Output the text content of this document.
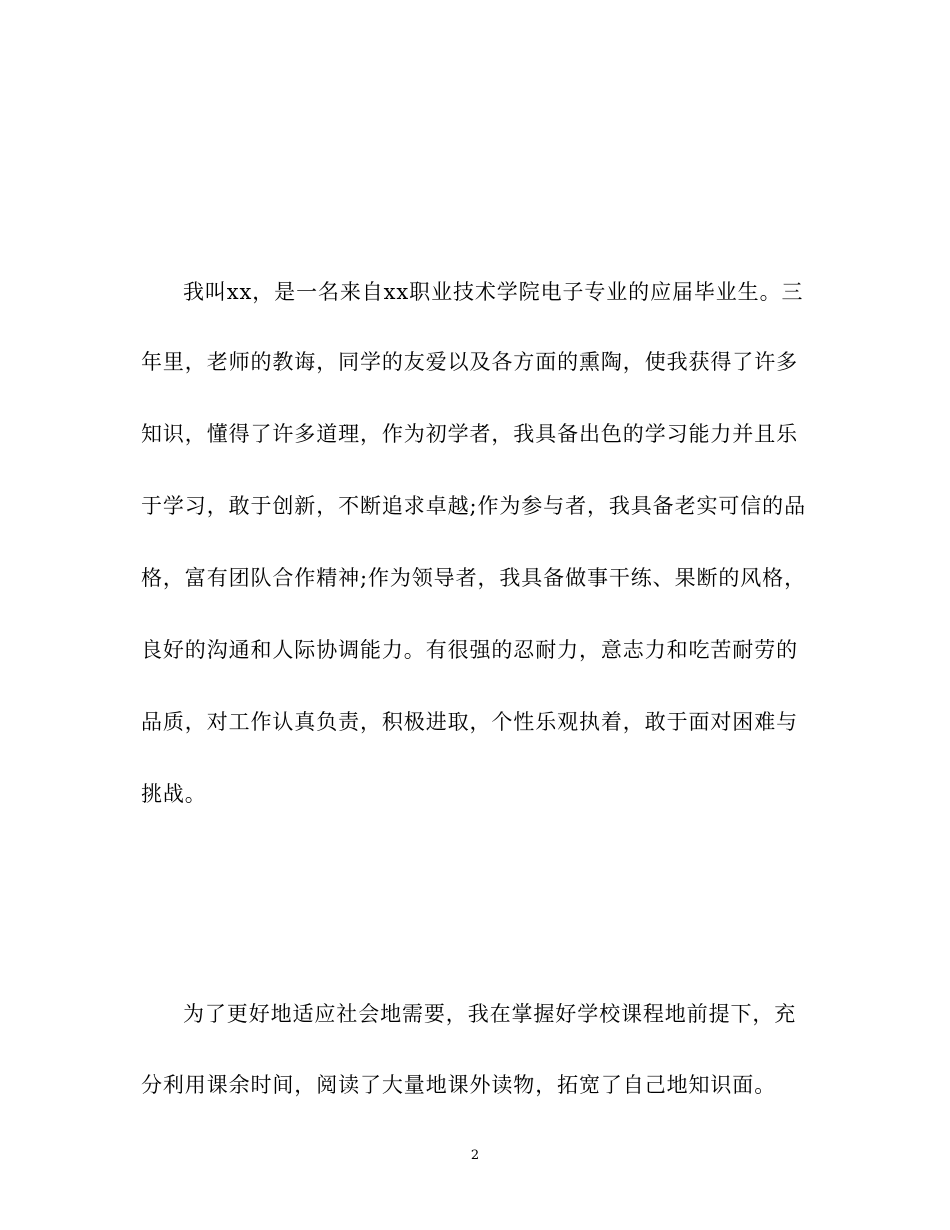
我叫xx，是一名来自xx职业技术学院电子专业的应届毕业生。三
年里，老师的教诲，同学的友爱以及各方面的熏陶，使我获得了许多
知识，懂得了许多道理，作为初学者，我具备出色的学习能力并且乐
于学习，敢于创新，不断追求卓越;作为参与者，我具备老实可信的品
格，富有团队合作精神;作为领导者，我具备做事干练、果断的风格，
良好的沟通和人际协调能力。有很强的忍耐力，意志力和吃苦耐劳的
品质，对工作认真负责，积极进取，个性乐观执着，敢于面对困难与
挑战。
为了更好地适应社会地需要，我在掌握好学校课程地前提下，充
分利用课余时间，阅读了大量地课外读物，拓宽了自己地知识面。
2
